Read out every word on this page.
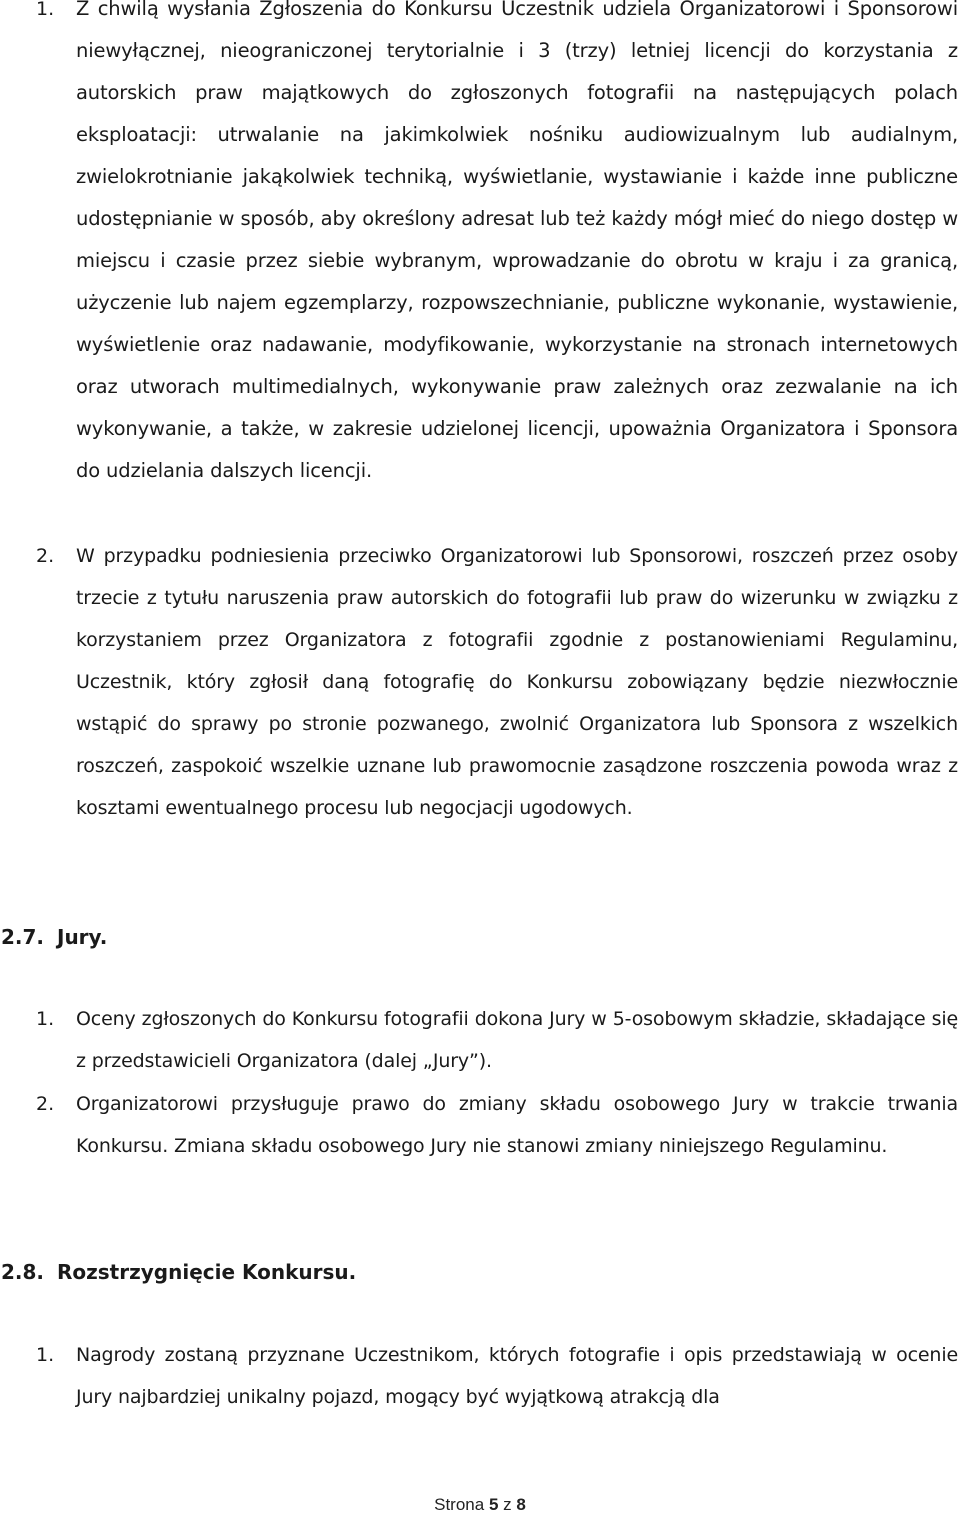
1.	Z chwilą wysłania Zgłoszenia do Konkursu Uczestnik udziela Organizatorowi i Sponsorowi niewyłącznej, nieograniczonej terytorialnie i 3 (trzy) letniej licencji do korzystania z autorskich praw majątkowych do zgłoszonych fotografii na następujących polach eksploatacji: utrwalanie na jakimkolwiek nośniku audiowizualnym lub audialnym, zwielokrotnianie jakąkolwiek techniką, wyświetlanie, wystawianie i każde inne publiczne udostępnianie w sposób, aby określony adresat lub też każdy mógł mieć do niego dostęp w miejscu i czasie przez siebie wybranym, wprowadzanie do obrotu w kraju i za granicą, użyczenie lub najem egzemplarzy, rozpowszechnianie, publiczne wykonanie, wystawienie, wyświetlenie oraz nadawanie, modyfikowanie, wykorzystanie na stronach internetowych oraz utworach multimedialnych, wykonywanie praw zależnych oraz zezwalanie na ich wykonywanie, a także, w zakresie udzielonej licencji, upoważnia Organizatora i Sponsora do udzielania dalszych licencji.
2.	W przypadku podniesienia przeciwko Organizatorowi lub Sponsorowi, roszczeń przez osoby trzecie z tytułu naruszenia praw autorskich do fotografii lub praw do wizerunku w związku z korzystaniem przez Organizatora z fotografii zgodnie z postanowieniami Regulaminu, Uczestnik, który zgłosił daną fotografię do Konkursu zobowiązany będzie niezwłocznie wstąpić do sprawy po stronie pozwanego, zwolnić Organizatora lub Sponsora z wszelkich roszczeń, zaspokoić wszelkie uznane lub prawomocnie zasądzone roszczenia powoda wraz z kosztami ewentualnego procesu lub negocjacji ugodowych.
2.7. Jury.
1.	Oceny zgłoszonych do Konkursu fotografii dokona Jury w 5-osobowym składzie, składające się z przedstawicieli Organizatora (dalej „Jury”).
2.	Organizatorowi przysługuje prawo do zmiany składu osobowego Jury w trakcie trwania Konkursu. Zmiana składu osobowego Jury nie stanowi zmiany niniejszego Regulaminu.
2.8. Rozstrzygnięcie Konkursu.
1.	Nagrody zostaną przyznane Uczestnikom, których fotografie i opis przedstawiają w ocenie Jury najbardziej unikalny pojazd, mogący być wyjątkową atrakcją dla
Strona 5 z 8
